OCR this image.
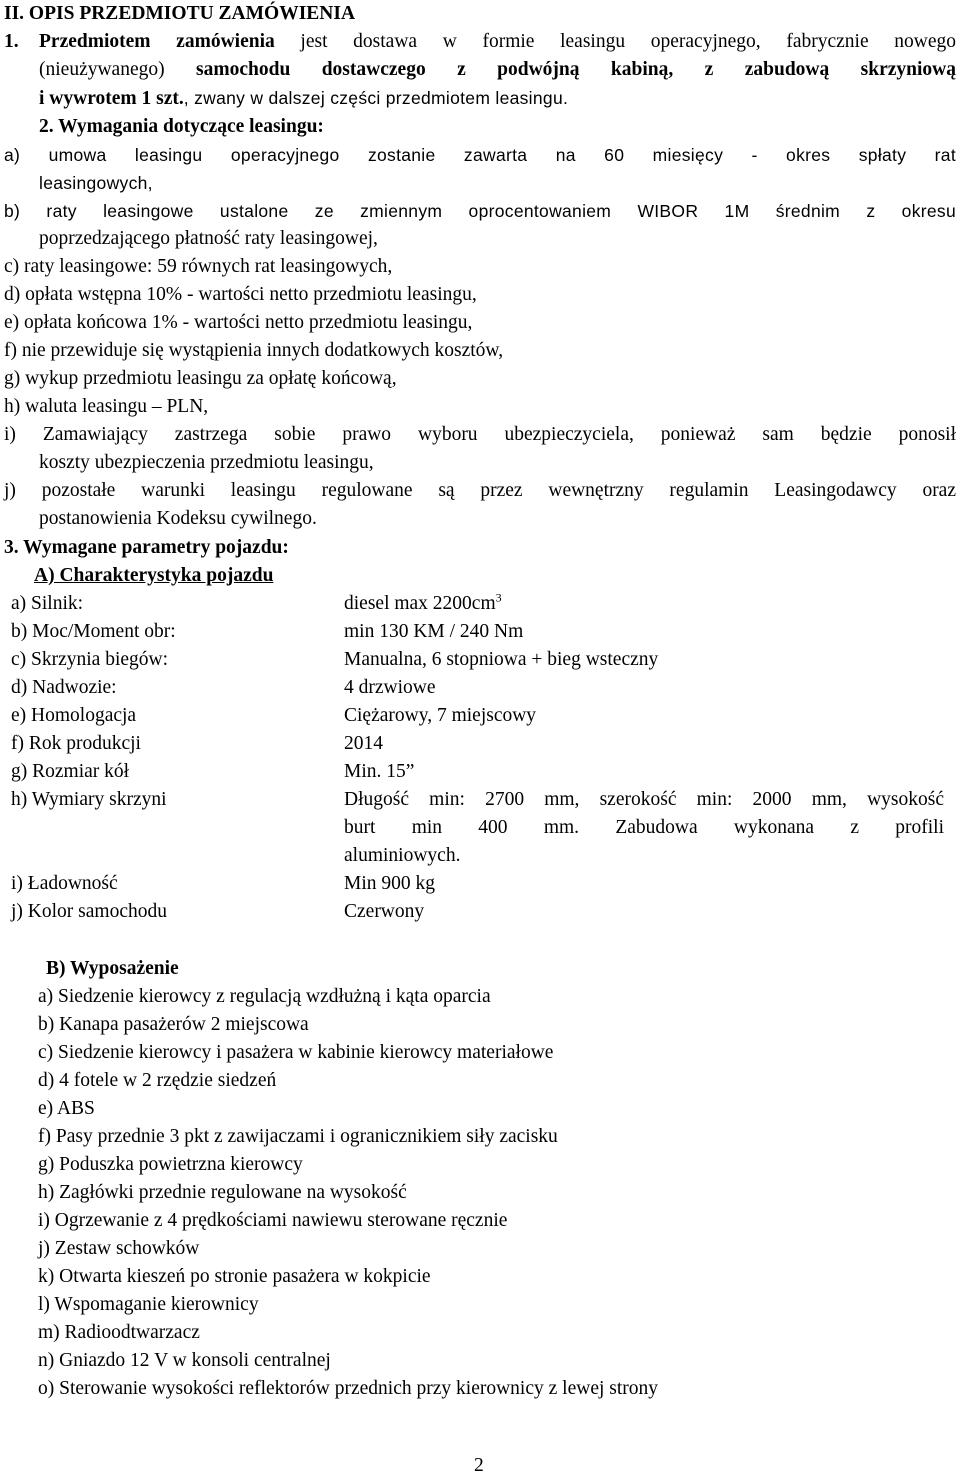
II. OPIS PRZEDMIOTU ZAMÓWIENIA
1. Przedmiotem zamówienia jest dostawa w formie leasingu operacyjnego, fabrycznie nowego
(nieużywanego) samochodu dostawczego z podwójną kabiną, z zabudową skrzyniową
i wywrotem 1 szt., zwany w dalszej części przedmiotem leasingu.
2. Wymagania dotyczące leasingu:
a) umowa leasingu operacyjnego zostanie zawarta na 60 miesięcy - okres spłaty rat
leasingowych,
b) raty leasingowe ustalone ze zmiennym oprocentowaniem WIBOR 1M średnim z okresu
poprzedzającego płatność raty leasingowej,
c) raty leasingowe: 59 równych rat leasingowych,
d) opłata wstępna 10% - wartości netto przedmiotu leasingu,
e) opłata końcowa 1% - wartości netto przedmiotu leasingu,
f) nie przewiduje się wystąpienia innych dodatkowych kosztów,
g) wykup przedmiotu leasingu za opłatę końcową,
h) waluta leasingu – PLN,
i) Zamawiający zastrzega sobie prawo wyboru ubezpieczyciela, ponieważ sam będzie ponosił
koszty ubezpieczenia przedmiotu leasingu,
j) pozostałe warunki leasingu regulowane są przez wewnętrzny regulamin Leasingodawcy oraz
postanowienia Kodeksu cywilnego.
3. Wymagane parametry pojazdu:
A) Charakterystyka pojazdu
a) Silnik:	diesel $\max 2200cm^3$
b) Moc/Moment obr:	min 130 KM / 240 Nm
c) Skrzynia biegów:	Manualna, 6 stopniowa + bieg wsteczny
d) Nadwozie:	4 drzwiowe
e) Homologacja	Ciężarowy, 7 miejscowy
f) Rok produkcji	2014
g) Rozmiar kół	Min. 15”
h) Wymiary skrzyni	Długość min: 2700 mm, szerokość min: 2000 mm, wysokość
burt min 400 mm. Zabudowa wykonana z profili
aluminiowych.
i) Ładowność	Min 900 kg
j) Kolor samochodu	Czerwony
B) Wyposażenie
a) Siedzenie kierowcy z regulacją wzdłużną i kąta oparcia
b) Kanapa pasażerów 2 miejscowa
c) Siedzenie kierowcy i pasażera w kabinie kierowcy materiałowe
d) 4 fotele w 2 rzędzie siedzeń
e) ABS
f) Pasy przednie 3 pkt z zawijaczami i ogranicznikiem siły zacisku
g) Poduszka powietrzna kierowcy
h) Zagłówki przednie regulowane na wysokość
i) Ogrzewanie z 4 prędkościami nawiewu sterowane ręcznie
j) Zestaw schowków
k) Otwarta kieszeń po stronie pasażera w kokpicie
l) Wspomaganie kierownicy
m) Radioodtwarzacz
n) Gniazdo 12 V w konsoli centralnej
o) Sterowanie wysokości reflektorów przednich przy kierownicy z lewej strony
2
